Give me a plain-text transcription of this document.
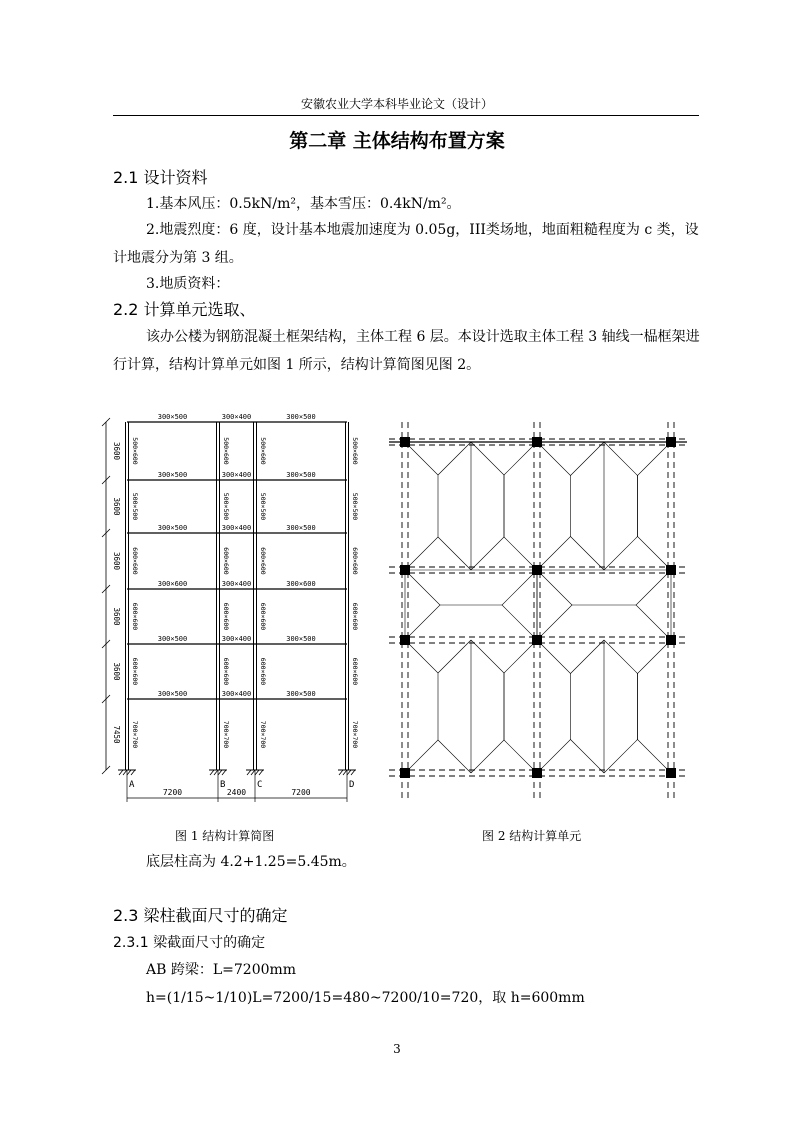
安徽农业大学本科毕业论文（设计）
第二章 主体结构布置方案
2.1 设计资料
1.基本风压：0.5kN/m²，基本雪压：0.4kN/m²。
2.地震烈度：6 度，设计基本地震加速度为 0.05g，III类场地，地面粗糙程度为 c 类，设计地震分为第 3 组。
3.地质资料：
2.2 计算单元选取、
该办公楼为钢筋混凝土框架结构，主体工程 6 层。本设计选取主体工程 3 轴线一榀框架进行计算，结构计算单元如图 1 所示，结构计算简图见图 2。
3600
3600
3600
3600
3600
7450
300×500	300×400	300×500
300×500	300×400	300×500
300×500	300×400	300×500
300×600	300×400	300×600
300×500	300×400	300×500
300×500	300×400	300×500
500×600	500×600	500×600	500×600
500×500	500×500	500×500	500×500
600×600	600×600	600×600	600×600
600×600	600×600	600×600	600×600
600×600	600×600	600×600	600×600
700×700	700×700	700×700	700×700
A	B	C	D
7200	2400	7200
图 1 结构计算简图	图 2 结构计算单元
底层柱高为 4.2+1.25=5.45m。
2.3 梁柱截面尺寸的确定
2.3.1 梁截面尺寸的确定
AB 跨梁：L=7200mm
h=(1/15~1/10)L=7200/15=480~7200/10=720，取 h=600mm
3
